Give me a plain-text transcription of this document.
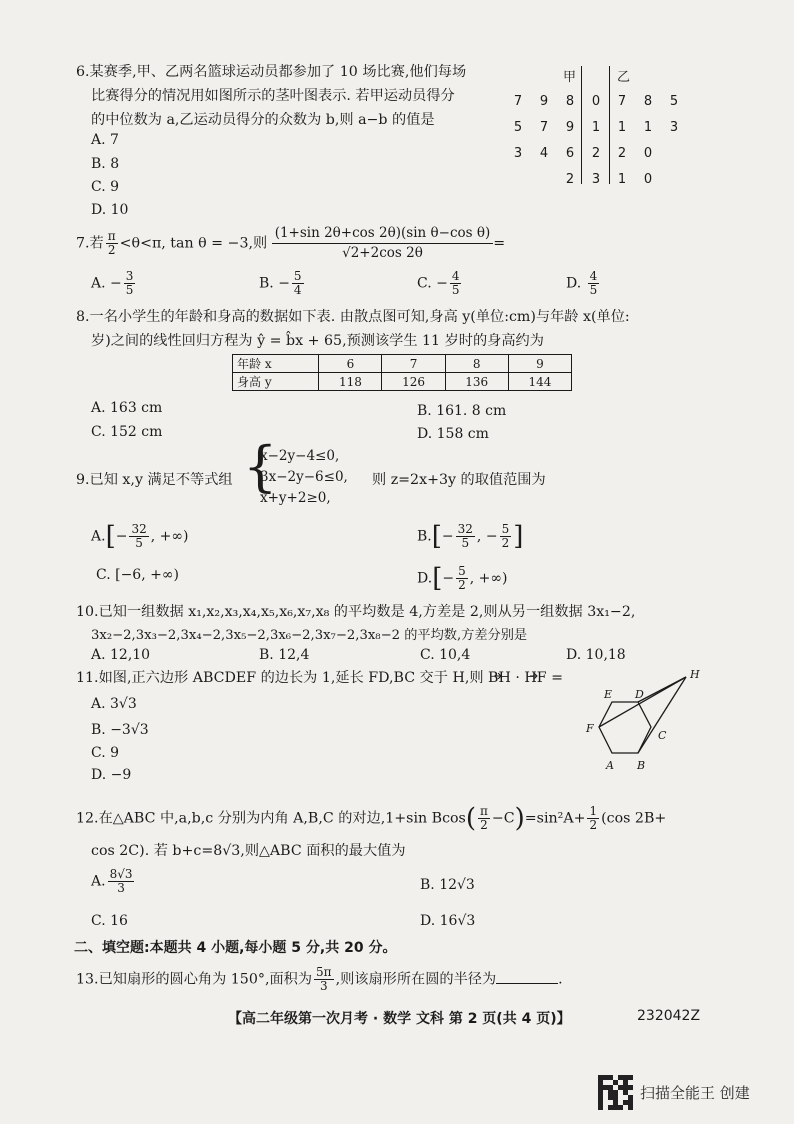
6.某赛季,甲、乙两名篮球运动员都参加了 10 场比赛,他们每场
比赛得分的情况用如图所示的茎叶图表示. 若甲运动员得分
的中位数为 a,乙运动员得分的众数为 b,则 a−b 的值是
A. 7
B. 8
C. 9
D. 10
甲	乙
7	9	8	0	7	8	5
5	7	9	1	1	1	3
3	4	6	2	2	0	
		2	3	1	0	
7.若 $\frac{\pi}{2} <\theta<\pi$, tan θ = −3,则 $\frac{\text{(1+sin 2θ+cos 2θ)(sin θ−cos θ)}}{√2+2\cos 2\theta}$ =
A. − $\frac{3}{5}$	B. − $\frac{5}{4}$	C. − $\frac{4}{5}$	D. $\frac{4}{5}$
8.一名小学生的年龄和身高的数据如下表. 由散点图可知,身高 y(单位:cm)与年龄 x(单位:
岁)之间的线性回归方程为 ŷ = b̂x + 65,预测该学生 11 岁时的身高约为
年龄 x	6	7	8	9
身高 y	118	126	136	144
A. 163 cm	B. 161. 8 cm
C. 152 cm	D. 158 cm
9.已知 x,y 满足不等式组 {
x−2y−4≤0,
3x−2y−6≤0,
x+y+2≥0,
则 z=2x+3y 的取值范围为
$A.[- \frac{32}{5}$ , +∞)	$B.[- \frac{32}{5}$ , − $\frac{5}{2}$ ]
C. [−6, +∞)	$D.[- \frac{5}{2}$ , +∞)
10.已知一组数据 x₁,x₂,x₃,x₄,x₅,x₆,x₇,x₈ 的平均数是 4,方差是 2,则从另一组数据 3x₁−2,
3x₂−2,3x₃−2,3x₄−2,3x₅−2,3x₆−2,3x₇−2,3x₈−2 的平均数,方差分别是
A. 12,10	B. 12,4	C. 10,4	D. 10,18
11.如图,正六边形 ABCDEF 的边长为 1,延长 FD,BC 交于 H,则 BH · HF =
A. 3√3
B. −3√3
C. 9
D. −9
H
E D
F
C
A B
12.在△ABC 中,a,b,c 分别为内角 A,B,C 的对边,1+sin $Bcos( \frac{\pi}{2} -C)=\sin^2A+ \frac{1}{2} (\cos$ 2B+
cos 2C). 若 b+c=8√3,则△ABC 面积的最大值为
A. $\frac{8√3}{3}$	B. 12√3
C. 16	D. 16√3
二、填空题:本题共 4 小题,每小题 5 分,共 20 分。
13.已知扇形的圆心角为 150°,面积为 $\frac{5\pi}{3}$ ,则该扇形所在圆的半径为	.
【高二年级第一次月考 · 数学 文科 第 2 页(共 4 页)】	232042Z
扫描全能王 创建
